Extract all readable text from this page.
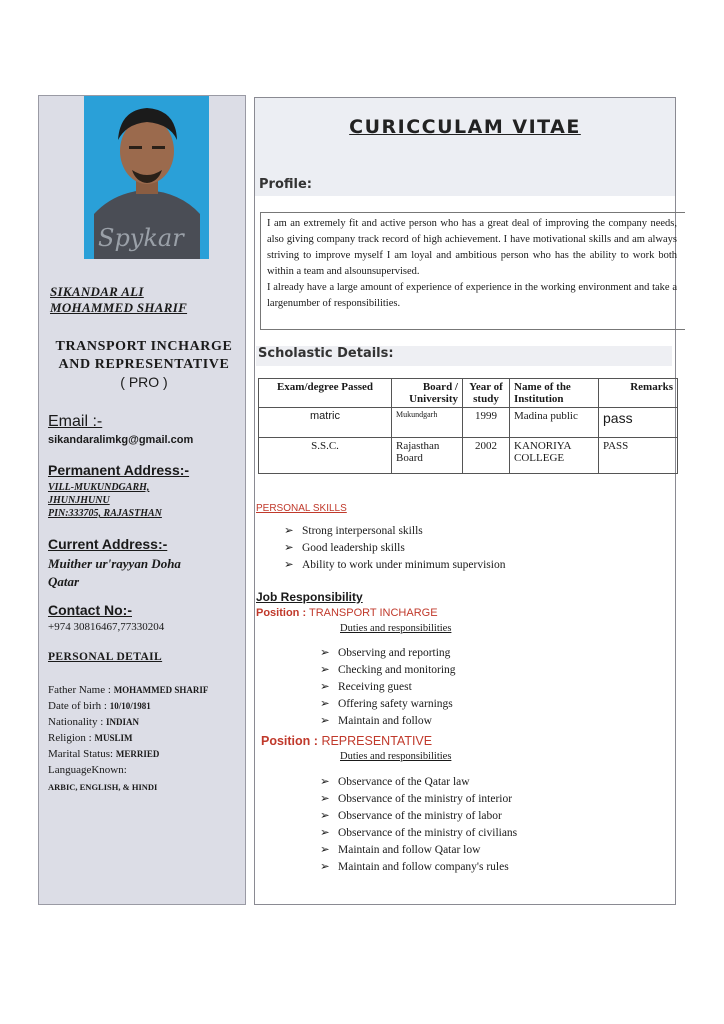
Spykar
SIKANDAR ALI
MOHAMMED SHARIF
TRANSPORT INCHARGE
AND REPRESENTATIVE
( PRO )
Email :-
sikandaralimkg@gmail.com
Permanent Address:-
VILL-MUKUNDGARH,
JHUNJHUNU
PIN:333705, RAJASTHAN
Current Address:-
Muither ur'rayyan Doha
Qatar
Contact No:-
+974 30816467,77330204
PERSONAL DETAIL
Father Name : MOHAMMED SHARIF
Date of birh : 10/10/1981
Nationality : INDIAN
Religion : MUSLIM
Marital Status: MERRIED
LanguageKnown:
ARBIC, ENGLISH, & HINDI
CURICCULAM VITAE
Profile:
I am an extremely fit and active person who has a great deal of improving the company needs, also giving company track record of high achievement. I have motivational skills and am always striving to improve myself I am loyal and ambitious person who has the ability to work both within a team and alsounsupervised.
I already have a large amount of experience of experience in the working environment and take a largenumber of responsibilities.
Scholastic Details:
Exam/degree Passed	Board / University	Year of study	Name of the Institution	Remarks
matric	Mukundgarh	1999	Madina public	pass
S.S.C.	Rajasthan Board	2002	KANORIYA COLLEGE	PASS
PERSONAL SKILLS
➢ Strong interpersonal skills
➢ Good leadership skills
➢ Ability to work under minimum supervision
Job Responsibility
Position : TRANSPORT INCHARGE
Duties and responsibilities
➢ Observing and reporting
➢ Checking and monitoring
➢ Receiving guest
➢ Offering safety warnings
➢ Maintain and follow
Position : REPRESENTATIVE
Duties and responsibilities
➢ Observance of the Qatar law
➢ Observance of the ministry of interior
➢ Observance of the ministry of labor
➢ Observance of the ministry of civilians
➢ Maintain and follow Qatar low
➢ Maintain and follow company's rules
